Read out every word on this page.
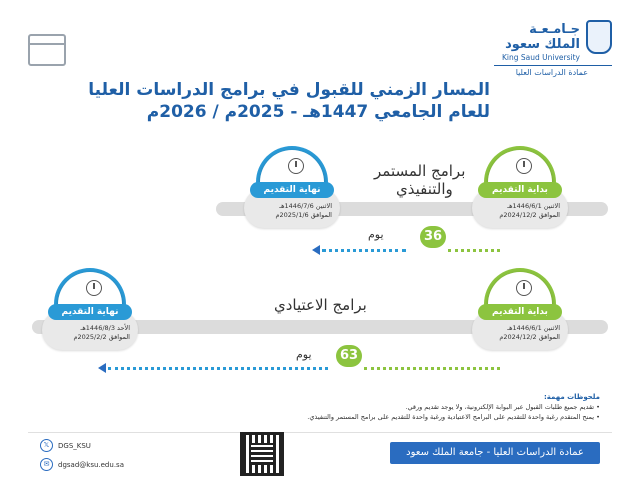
جـامـعـة الملك سعود
King Saud University
عمادة الدراسات العليا
المسار الزمني للقبول في برامج الدراسات العليا
للعام الجامعي 1447هـ - 2025م / 2026م
بداية التقديم
الاثنين 1446/6/1هـ
الموافق 2024/12/2م
نهاية التقديم
الاثنين 1446/7/6هـ
الموافق 2025/1/6م
برامج المستمر
والتنفيذي
يوم	36
بداية التقديم
الاثنين 1446/6/1هـ
الموافق 2024/12/2م
نهاية التقديم
الأحد 1446/8/3هـ
الموافق 2025/2/2م
برامج الاعتيادي
يوم	63
ملحوظات مهمة:
• تقديم جميع طلبات القبول عبر البوابة الإلكترونية، ولا يوجد تقديم ورقي.
• يمنح المتقدم رغبة واحدة للتقديم على البرامج الاعتيادية ورغبة واحدة للتقديم على برامج المستمر والتنفيذي.
𝕏	DGS_KSU
✉	dgsad@ksu.edu.sa
عمادة الدراسات العليا - جامعة الملك سعود
